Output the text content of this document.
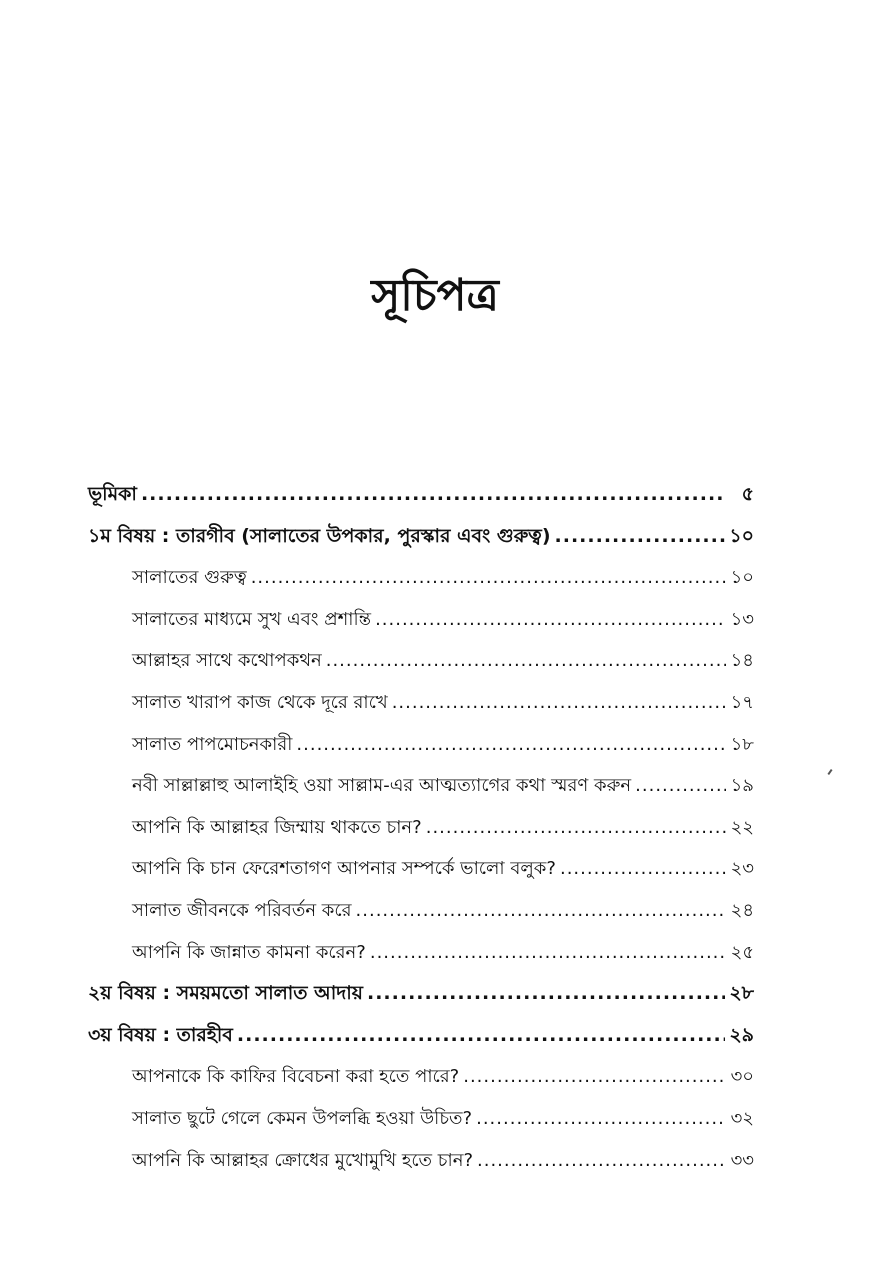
সূচিপত্র
ভূমিকা .....	৫
১ম বিষয় : তারগীব (সালাতের উপকার, পুরস্কার এবং গুরুত্ব) .....	১০
সালাতের গুরুত্ব .....	১০
সালাতের মাধ্যমে সুখ এবং প্রশান্তি .....	১৩
আল্লাহর সাথে কথোপকথন .....	১৪
সালাত খারাপ কাজ থেকে দূরে রাখে .....	১৭
সালাত পাপমোচনকারী .....	১৮
নবী সাল্লাল্লাহু আলাইহি ওয়া সাল্লাম-এর আত্মত্যাগের কথা স্মরণ করুন .....	১৯
আপনি কি আল্লাহর জিম্মায় থাকতে চান? .....	২২
আপনি কি চান ফেরেশতাগণ আপনার সম্পর্কে ভালো বলুক? .....	২৩
সালাত জীবনকে পরিবর্তন করে .....	২৪
আপনি কি জান্নাত কামনা করেন? .....	২৫
২য় বিষয় : সময়মতো সালাত আদায় .....	২৮
৩য় বিষয় : তারহীব .....	২৯
আপনাকে কি কাফির বিবেচনা করা হতে পারে? .....	৩০
সালাত ছুটে গেলে কেমন উপলব্ধি হওয়া উচিত? .....	৩২
আপনি কি আল্লাহর ক্রোধের মুখোমুখি হতে চান? .....	৩৩
